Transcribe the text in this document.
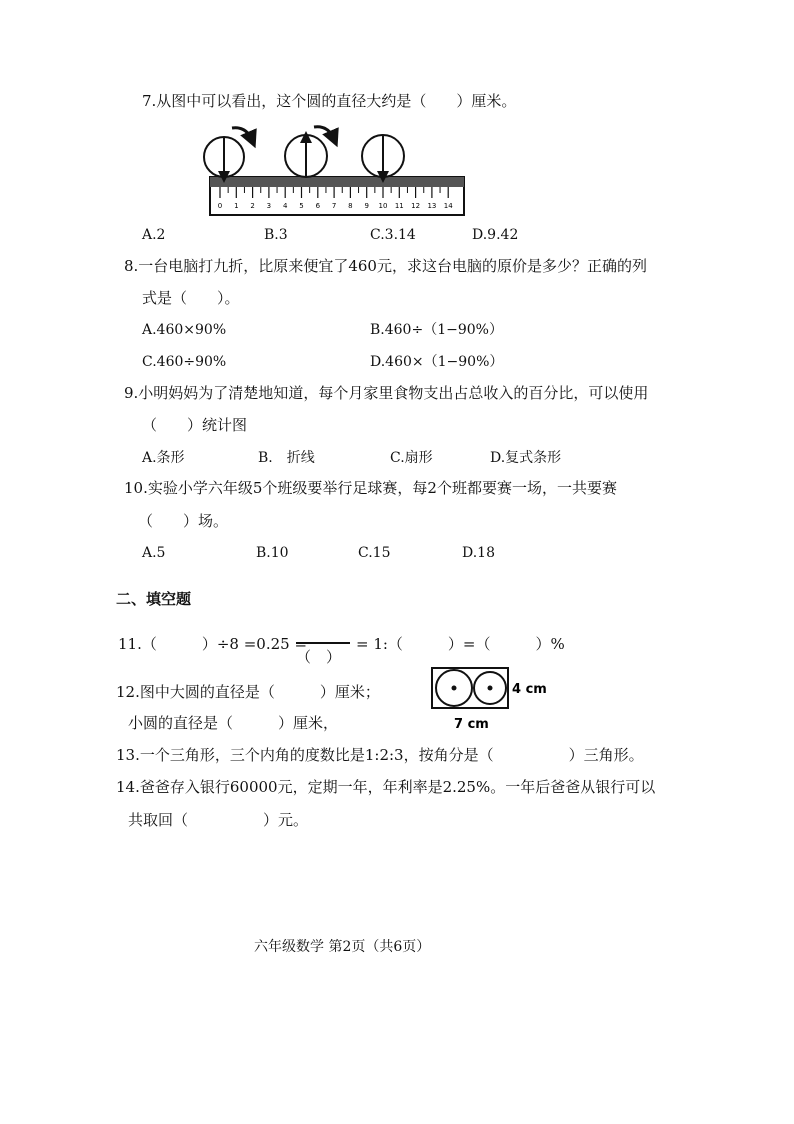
7.从图中可以看出，这个圆的直径大约是（　　）厘米。
0 1 2 3 4 5 6 7 8 9 10 11 12 13 14
A.2	B.3	C.3.14	D.9.42
8.一台电脑打九折，比原来便宜了460元，求这台电脑的原价是多少？正确的列
式是（　　）。
A.460×90%	B.460÷（1−90%）
C.460÷90%	D.460×（1−90%）
9.小明妈妈为了清楚地知道，每个月家里食物支出占总收入的百分比，可以使用
（　　）统计图
A.条形	B.　折线	C.扇形	D.复式条形
10.实验小学六年级5个班级要举行足球赛，每2个班都要赛一场，一共要赛
（　　）场。
A.5	B.10	C.15	D.18
二、填空题
11.（　　　）÷8 =0.25 =
（　）
= 1:（　　　）=（　　　）%
12.图中大圆的直径是（　　　）厘米；
小圆的直径是（　　　）厘米，
4 cm
7 cm
13.一个三角形，三个内角的度数比是1:2:3，按角分是（　　　　　）三角形。
14.爸爸存入银行60000元，定期一年，年利率是2.25%。一年后爸爸从银行可以
共取回（　　　　　）元。
六年级数学 第2页（共6页）
